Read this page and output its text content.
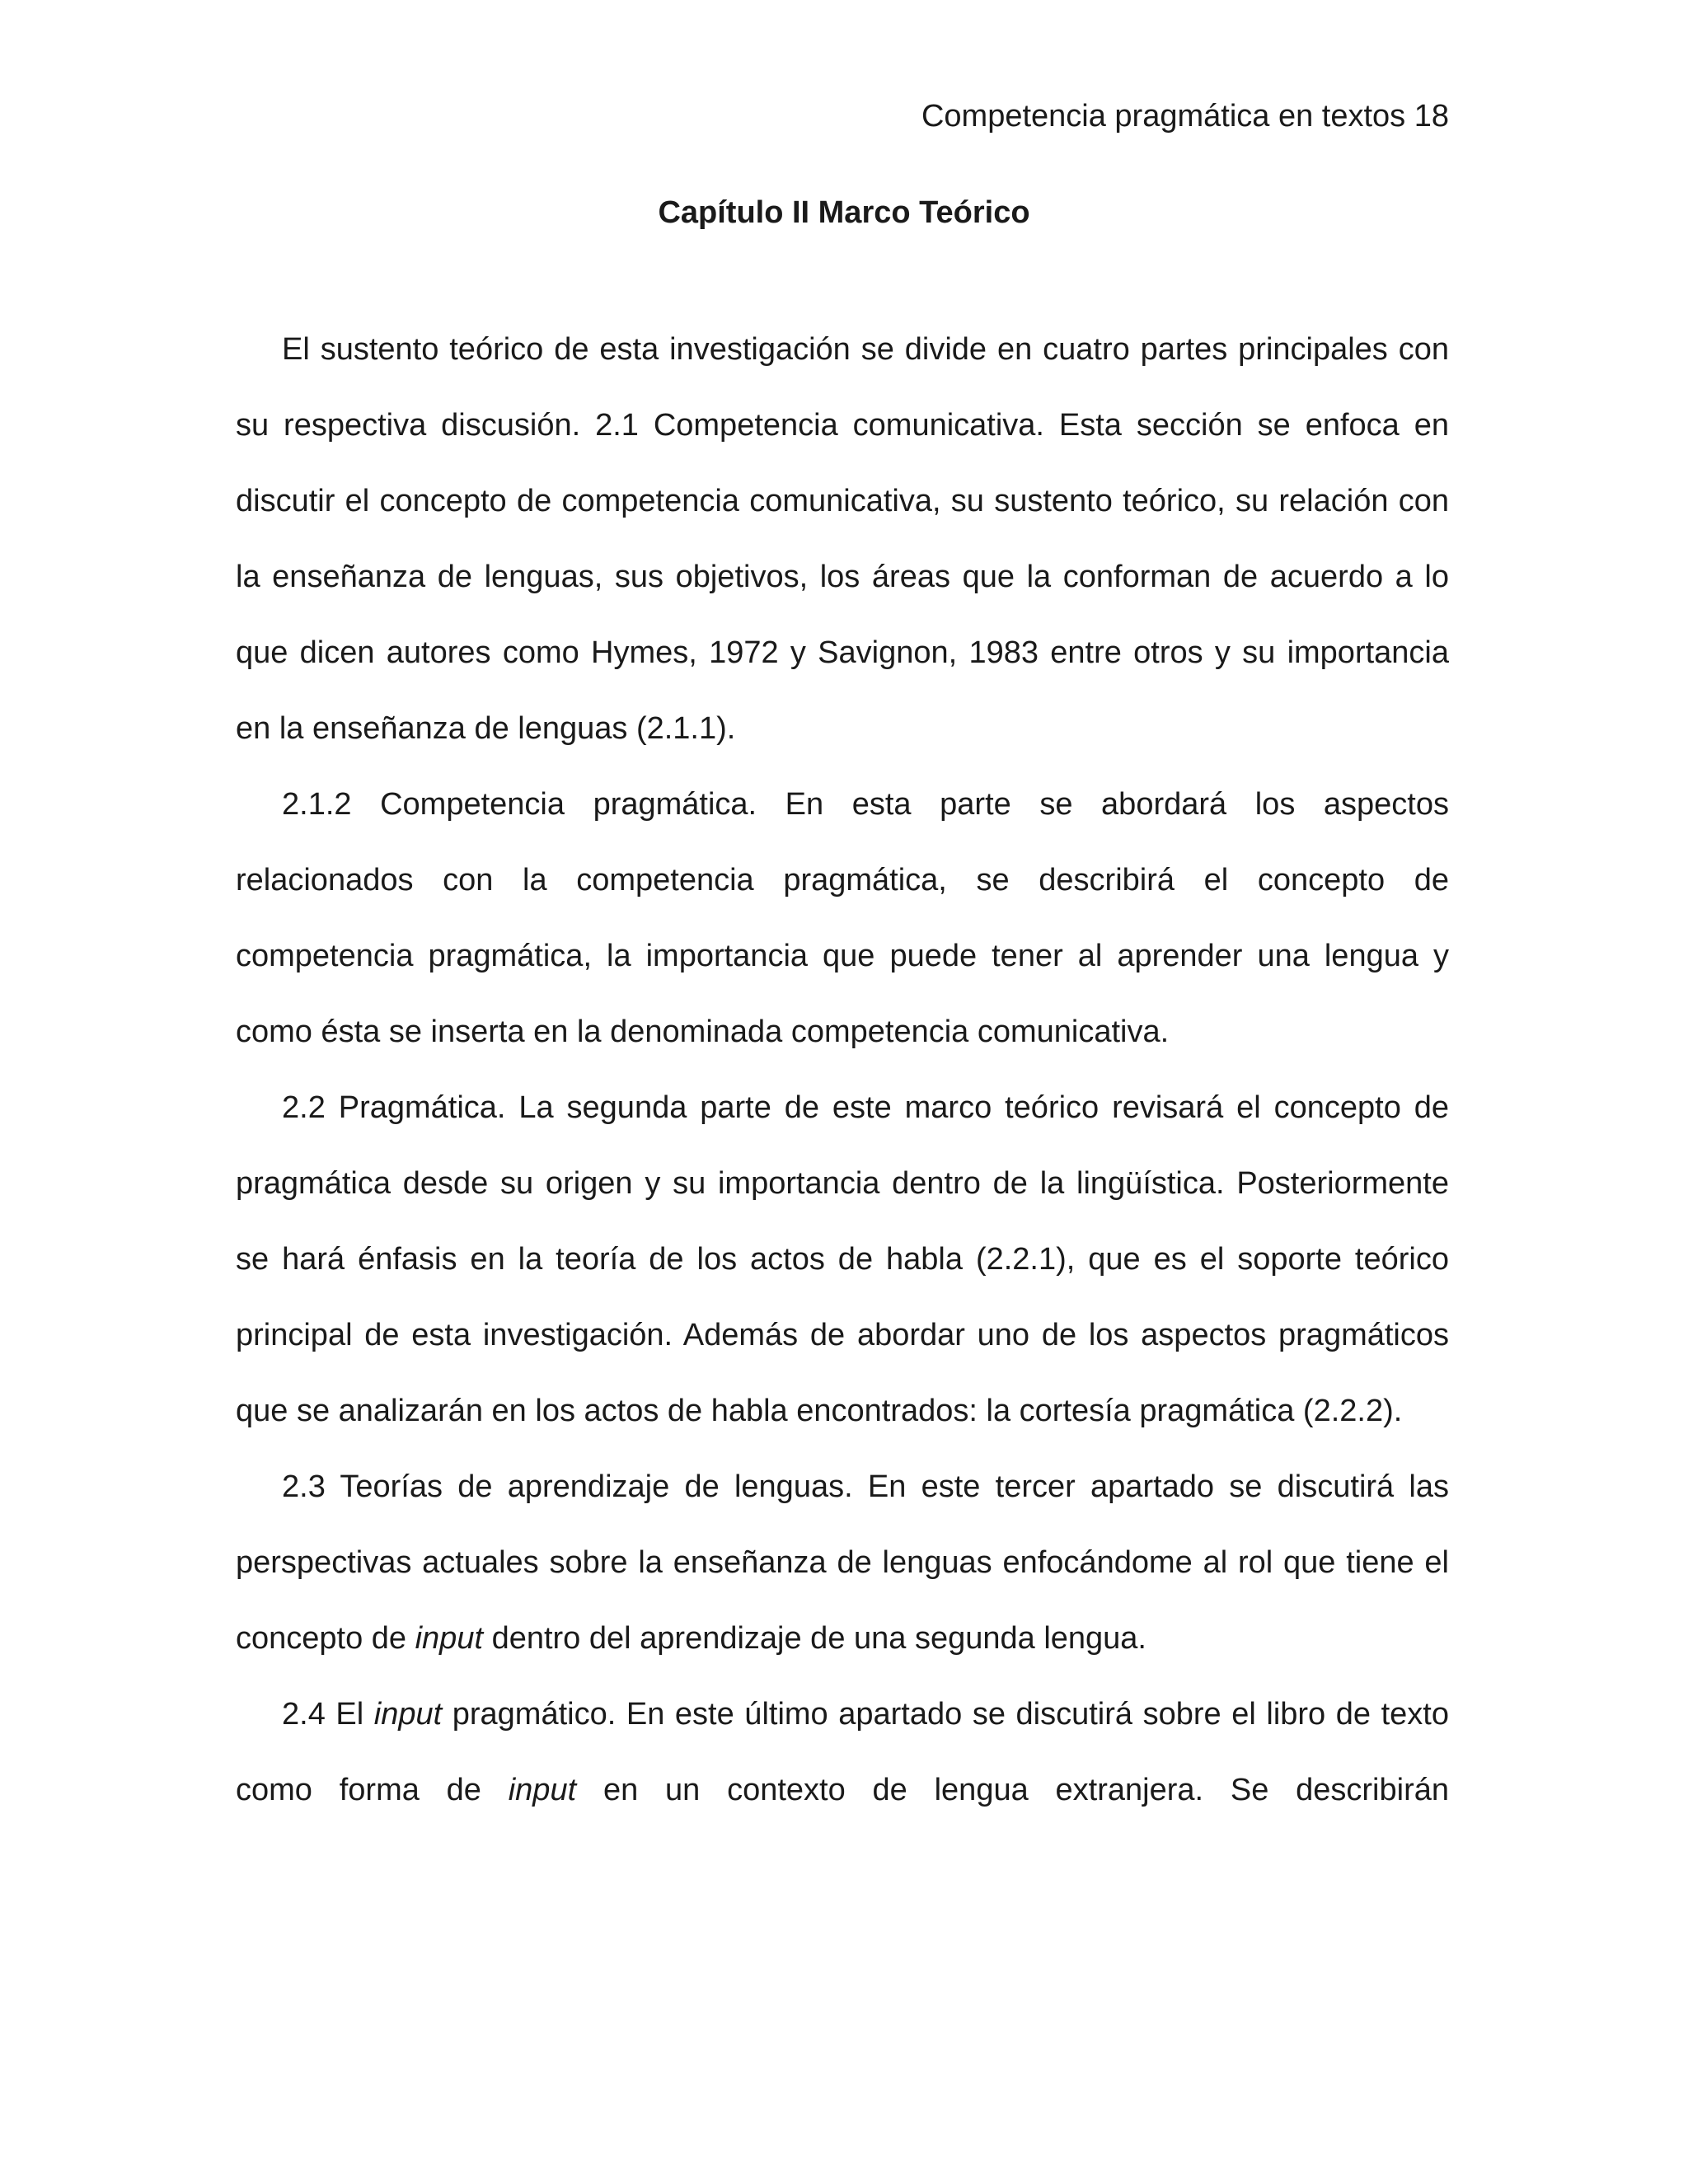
Competencia pragmática en textos 18
Capítulo II Marco Teórico

El sustento teórico de esta investigación se divide en cuatro partes principales con su respectiva discusión. 2.1 Competencia comunicativa. Esta sección se enfoca en discutir el concepto de competencia comunicativa, su sustento teórico, su relación con la enseñanza de lenguas, sus objetivos, los áreas que la conforman de acuerdo a lo que dicen autores como Hymes, 1972 y Savignon, 1983 entre otros y su importancia en la enseñanza de lenguas (2.1.1).

2.1.2 Competencia pragmática. En esta parte se abordará los aspectos relacionados con la competencia pragmática, se describirá el concepto de competencia pragmática, la importancia que puede tener al aprender una lengua y como ésta se inserta en la denominada competencia comunicativa.

2.2 Pragmática. La segunda parte de este marco teórico revisará el concepto de pragmática desde su origen y su importancia dentro de la lingüística. Posteriormente se hará énfasis en la teoría de los actos de habla (2.2.1), que es el soporte teórico principal de esta investigación. Además de abordar uno de los aspectos pragmáticos que se analizarán en los actos de habla encontrados: la cortesía pragmática (2.2.2).

2.3 Teorías de aprendizaje de lenguas. En este tercer apartado se discutirá las perspectivas actuales sobre la enseñanza de lenguas enfocándome al rol que tiene el concepto de input dentro del aprendizaje de una segunda lengua.

2.4 El input pragmático. En este último apartado se discutirá sobre el libro de texto como forma de input en un contexto de lengua extranjera. Se describirán
